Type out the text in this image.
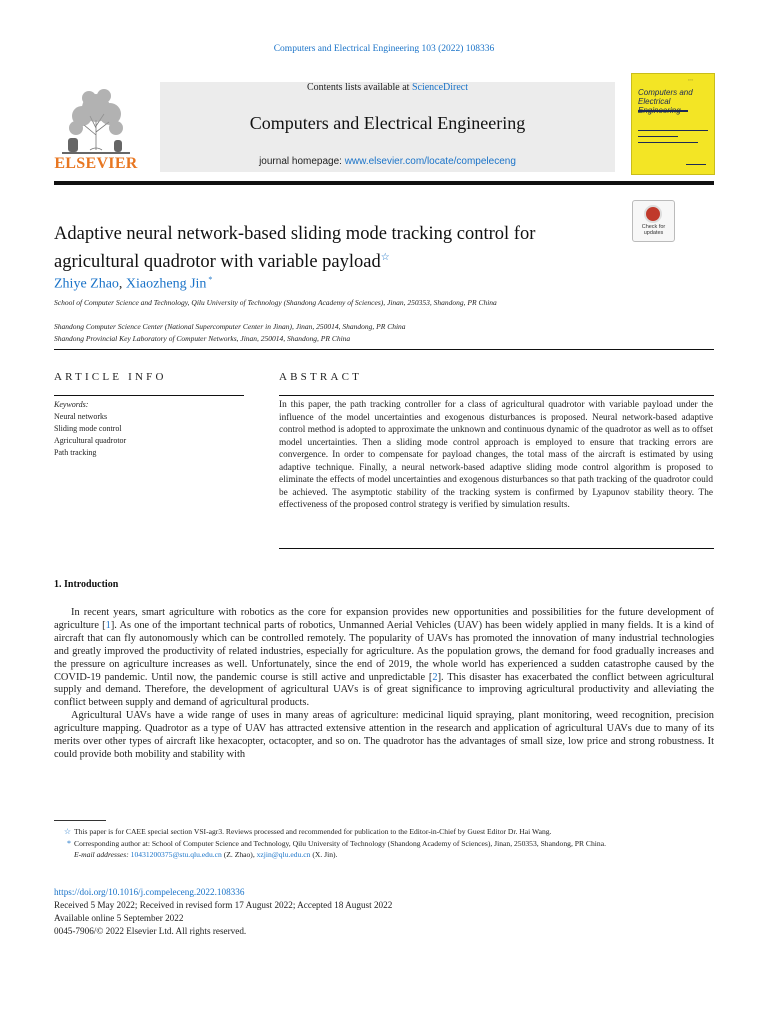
Computers and Electrical Engineering 103 (2022) 108336
Contents lists available at ScienceDirect
Computers and Electrical Engineering
journal homepage: www.elsevier.com/locate/compeleceng
ELSEVIER
◦◦◦◦
Computers and
Electrical
Check for
updates
Adaptive neural network-based sliding mode tracking control for
agricultural quadrotor with variable payload☆
Zhiye Zhao, Xiaozheng Jin *
School of Computer Science and Technology, Qilu University of Technology (Shandong Academy of Sciences), Jinan, 250353, Shandong, PR China
Shandong Computer Science Center (National Supercomputer Center in Jinan), Jinan, 250014, Shandong, PR China
Shandong Provincial Key Laboratory of Computer Networks, Jinan, 250014, Shandong, PR China
ARTICLE INFO	ABSTRACT
Keywords:
Neural networks
Sliding mode control
Agricultural quadrotor
Path tracking
In this paper, the path tracking controller for a class of agricultural quadrotor with variable payload under the influence of the model uncertainties and exogenous disturbances is proposed. Neural network-based adaptive control method is adopted to approximate the unknown and continuous dynamic of the quadrotor as well as to offset model uncertainties. Then a sliding mode control approach is employed to ensure that tracking errors are convergence. In order to compensate for payload changes, the total mass of the aircraft is estimated by using adaptive technique. Finally, a neural network-based adaptive sliding mode control algorithm is proposed to eliminate the effects of model uncertainties and exogenous disturbances so that path tracking of the quadrotor could be achieved. The asymptotic stability of the tracking system is confirmed by Lyapunov stability theory. The effectiveness of the proposed control strategy is verified by simulation results.
1. Introduction

In recent years, smart agriculture with robotics as the core for expansion provides new opportunities and possibilities for the future development of agriculture [1]. As one of the important technical parts of robotics, Unmanned Aerial Vehicles (UAV) has been widely applied in many fields. It is a kind of aircraft that can fly autonomously which can be controlled remotely. The popularity of UAVs has promoted the innovation of many industrial technologies and greatly improved the productivity of related industries, especially for agriculture. As the population grows, the demand for food gradually increases and the pressure on agriculture increases as well. Unfortunately, since the end of 2019, the whole world has experienced a sudden catastrophe caused by the COVID-19 pandemic. Until now, the pandemic course is still active and unpredictable [2]. This disaster has exacerbated the conflict between agricultural supply and demand. Therefore, the development of agricultural UAVs is of great significance to improving agricultural productivity and alleviating the conflict between supply and demand of agricultural products.

Agricultural UAVs have a wide range of uses in many areas of agriculture: medicinal liquid spraying, plant monitoring, weed recognition, precision agriculture mapping. Quadrotor as a type of UAV has attracted extensive attention in the research and application of agricultural UAVs due to many of its merits over other types of aircraft like hexacopter, octacopter, and so on. The quadrotor has the advantages of small size, low price and strong robustness. It could provide both mobility and stability with

☆ This paper is for CAEE special section VSI-agr3. Reviews processed and recommended for publication to the Editor-in-Chief by Guest Editor Dr. Hai Wang.

* Corresponding author at: School of Computer Science and Technology, Qilu University of Technology (Shandong Academy of Sciences), Jinan, 250353, Shandong, PR China.

E-mail addresses: 10431200375@stu.qlu.edu.cn (Z. Zhao), xzjin@qlu.edu.cn (X. Jin).

https://doi.org/10.1016/j.compeleceng.2022.108336
Received 5 May 2022; Received in revised form 17 August 2022; Accepted 18 August 2022
Available online 5 September 2022
0045-7906/© 2022 Elsevier Ltd. All rights reserved.
